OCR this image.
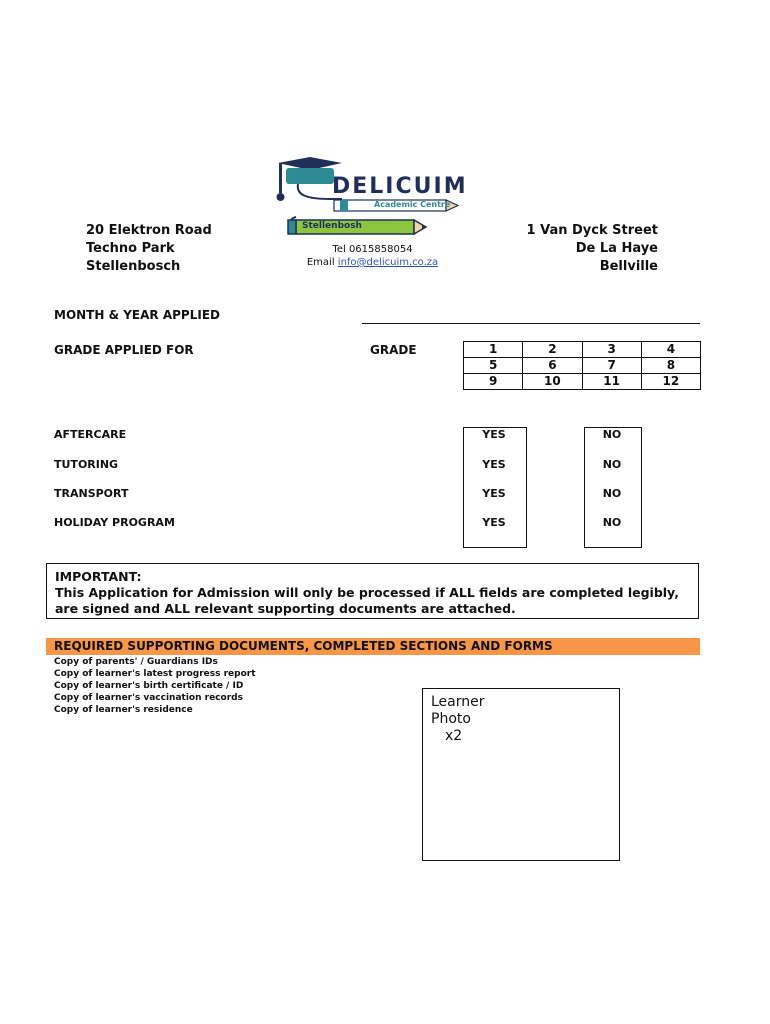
DELICUIM
Academic Centre
Stellenbosh
20 Elektron Road
Techno Park
Stellenbosch
1 Van Dyck Street
De La Haye
Bellville
Tel 0615858054
Email info@delicuim.co.za
MONTH & YEAR APPLIED
GRADE APPLIED FOR	GRADE	1	2	3	4
5	6	7	8
9	10	11	12
AFTERCARE	YES	NO
TUTORING	YES	NO
TRANSPORT	YES	NO
HOLIDAY PROGRAM	YES	NO
IMPORTANT:
This Application for Admission will only be processed if ALL fields are completed legibly, are signed and ALL relevant supporting documents are attached.
REQUIRED SUPPORTING DOCUMENTS, COMPLETED SECTIONS AND FORMS
Copy of parents' / Guardians IDs
Copy of learner's latest progress report
Copy of learner's birth certificate / ID
Copy of learner's vaccination records
Copy of learner's residence	Learner
Photo
x2
